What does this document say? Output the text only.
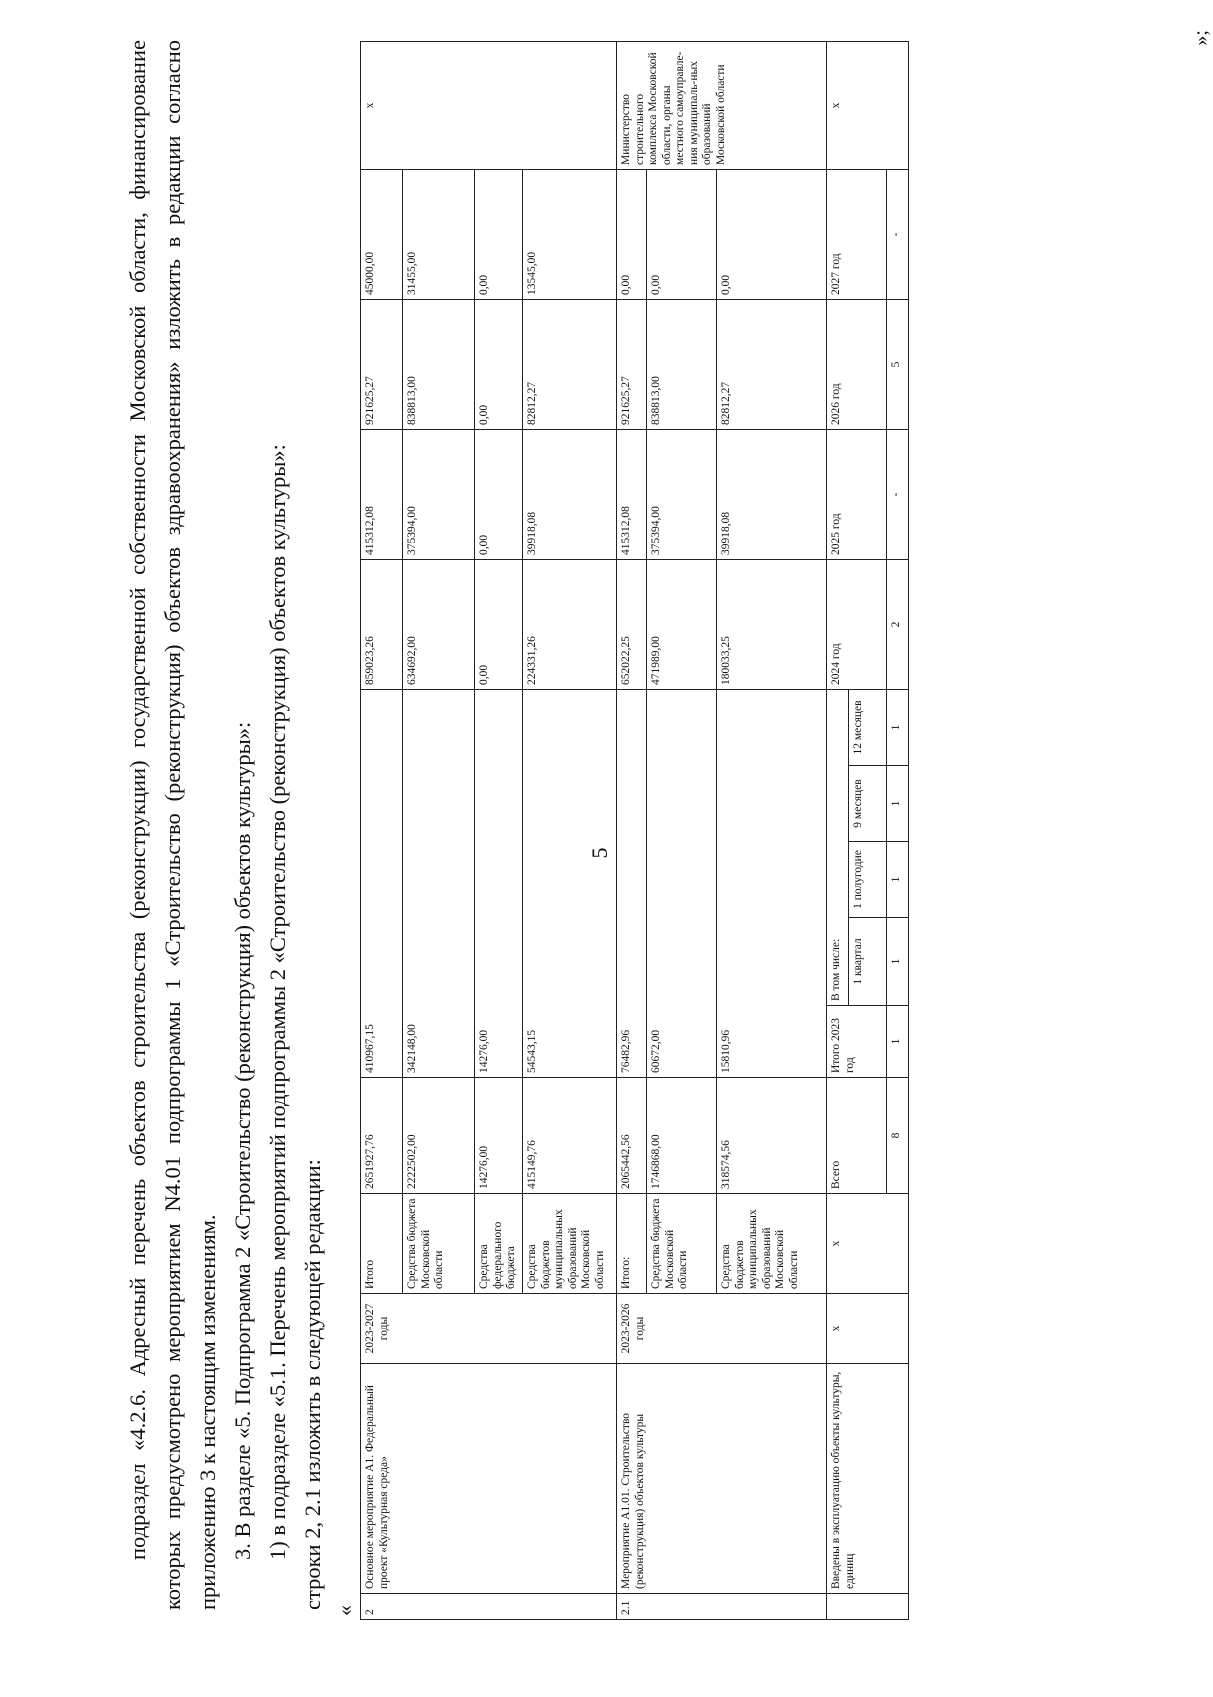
5

подраздел «4.2.6. Адресный перечень объектов строительства (реконструкции) государственной собственности Московской области, финансирование которых предусмотрено мероприятием N4.01 подпрограммы 1 «Строительство (реконструкция) объектов здравоохранения» изложить в редакции согласно приложению 3 к настоящим изменениям. 3. В разделе «5. Подпрограмма 2 «Строительство (реконструкция) объектов культуры»: 1) в подразделе «5.1. Перечень мероприятий подпрограммы 2 «Строительство (реконструкция) объектов культуры»: строки 2, 2.1 изложить в следующей редакции:

« 2	Основное мероприятие А1. Федеральный проект «Культурная среда»	2023-2027 годы	Итого	2651927,76	410967,15					859023,26	415312,08	921625,27	45000,00	х
			Средства бюджета Московской области	2222502,00	342148,00					634692,00	375394,00	838813,00	31455,00	
			Средства федерального бюджета	14276,00	14276,00					0,00	0,00	0,00	0,00	
			Средства бюджетов муниципальных образований Московской области	415149,76	54543,15					224331,26	39918,08	82812,27	13545,00	
2.1	Мероприятие А1.01. Строительство (реконструкция) объектов культуры	2023-2026 годы	Итого:	2065442,56	76482,96					652022,25	415312,08	921625,27	0,00	Министерство строительного комплекса Московской области, органы местного самоуправле-ния муниципаль-ных образований Московской области
			Средства бюджета Московской области	1746868,00	60672,00					471989,00	375394,00	838813,00	0,00	
			Средства бюджетов муниципальных образований Московской области	318574,56	15810,96					180033,25	39918,08	82812,27	0,00	
	Введены в эксплуатацию объекты культуры, единиц	х	х	Всего	Итого 2023 год	В том числе:				2024 год	2025 год	2026 год	2027 год	х
						1 квартал	1 полугодие	9 месяцев	12 месяцев					
				8	1	1	1	1	1	2	-	5	-	
»;
